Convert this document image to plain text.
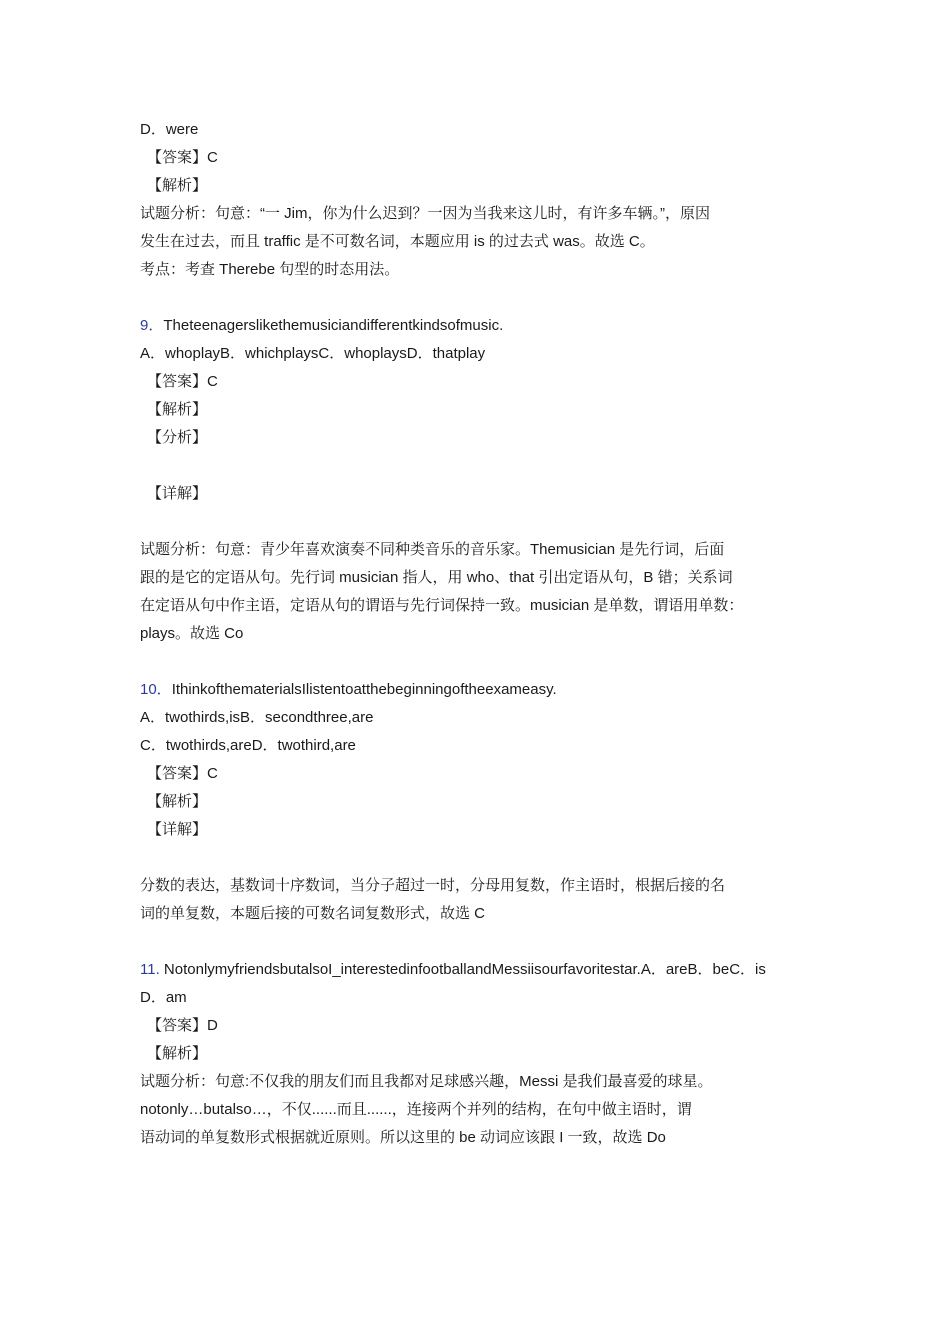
D．were
【答案】C
【解析】
试题分析：句意：“一 Jim，你为什么迟到？一因为当我来这儿时，有许多车辆。”，原因
发生在过去，而且 traffic 是不可数名词，本题应用 is 的过去式 was。故选 C。
考点：考查 Therebe 句型的时态用法。
9．Theteenagerslikethemusiciandifferentkindsofmusic.
A．whoplayB．whichplaysC．whoplaysD．thatplay
【答案】C
【解析】
【分析】
【详解】
试题分析：句意：青少年喜欢演奏不同种类音乐的音乐家。Themusician 是先行词，后面
跟的是它的定语从句。先行词 musician 指人，用 who、that 引出定语从句，B 错；关系词
在定语从句中作主语，定语从句的谓语与先行词保持一致。musician 是单数，谓语用单数：
plays。故选 Co
10．IthinkofthematerialsIlistentoatthebeginningoftheexameasy.
A．twothirds,isB．secondthree,are
C．twothirds,areD．twothird,are
【答案】C
【解析】
【详解】
分数的表达，基数词十序数词，当分子超过一时，分母用复数，作主语时，根据后接的名
词的单复数，本题后接的可数名词复数形式，故选 C
11. NotonlymyfriendsbutalsoI_interestedinfootballandMessiisourfavoritestar.A．areB．beC．is
D．am
【答案】D
【解析】
试题分析：句意:不仅我的朋友们而且我都对足球感兴趣，Messi 是我们最喜爱的球星。
notonly…butalso…，不仅......而且......，连接两个并列的结构，在句中做主语时，谓
语动词的单复数形式根据就近原则。所以这里的 be 动词应该跟 I 一致，故选 Do
